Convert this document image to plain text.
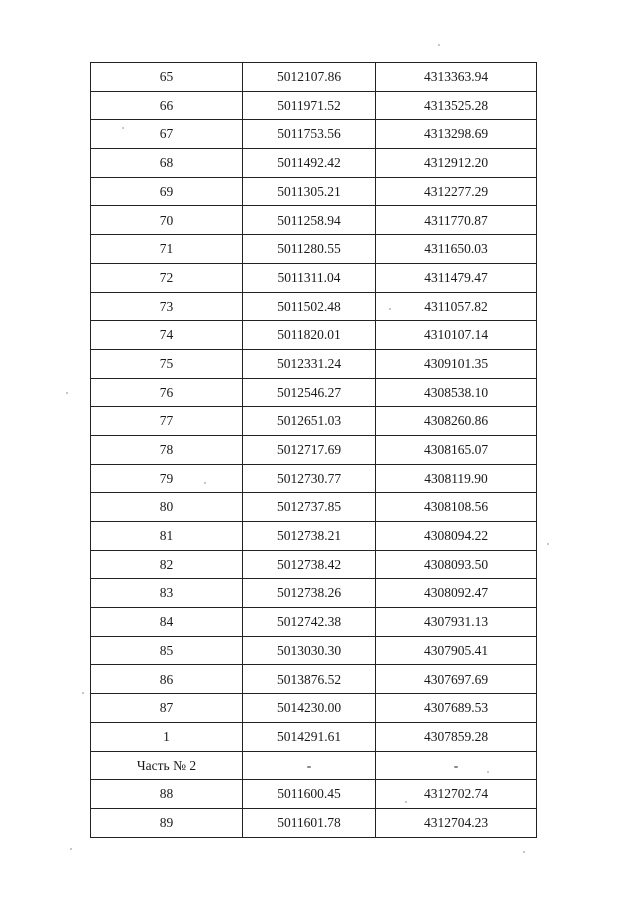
65	5012107.86	4313363.94
66	5011971.52	4313525.28
67	5011753.56	4313298.69
68	5011492.42	4312912.20
69	5011305.21	4312277.29
70	5011258.94	4311770.87
71	5011280.55	4311650.03
72	5011311.04	4311479.47
73	5011502.48	4311057.82
74	5011820.01	4310107.14
75	5012331.24	4309101.35
76	5012546.27	4308538.10
77	5012651.03	4308260.86
78	5012717.69	4308165.07
79	5012730.77	4308119.90
80	5012737.85	4308108.56
81	5012738.21	4308094.22
82	5012738.42	4308093.50
83	5012738.26	4308092.47
84	5012742.38	4307931.13
85	5013030.30	4307905.41
86	5013876.52	4307697.69
87	5014230.00	4307689.53
1	5014291.61	4307859.28
Часть № 2	-	-
88	5011600.45	4312702.74
89	5011601.78	4312704.23
